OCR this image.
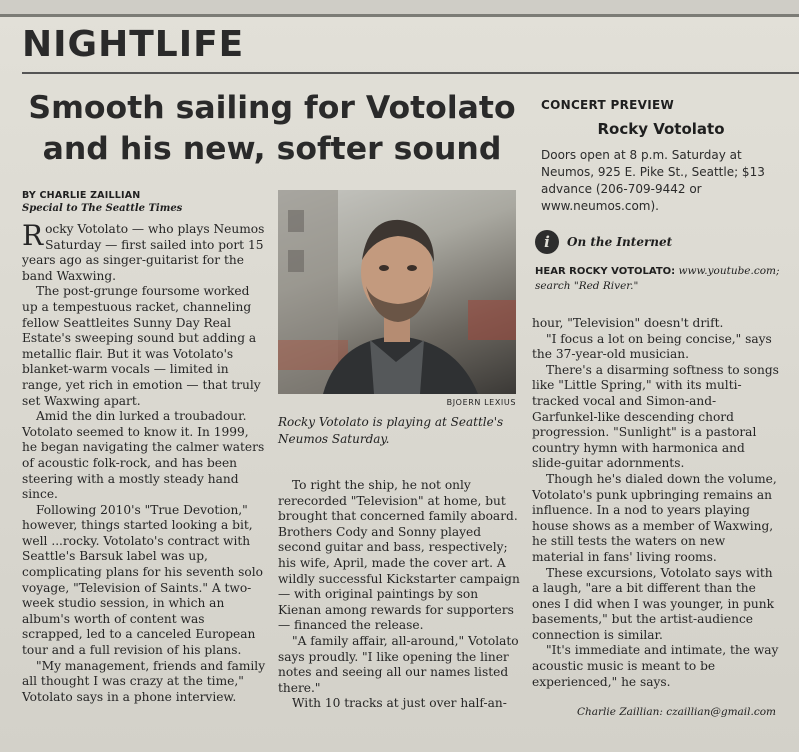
NIGHTLIFE
Smooth sailing for Votolato and his new, softer sound
CONCERT PREVIEW
Rocky Votolato
Doors open at 8 p.m. Saturday at Neumos, 925 E. Pike St., Seattle; $13 advance (206-709-9442 or www.neumos.com).
i	On the Internet
HEAR ROCKY VOTOLATO: www.youtube.com; search "Red River."
BY CHARLIE ZAILLIAN
Special to The Seattle Times

Rocky Votolato — who plays Neumos Saturday — first sailed into port 15 years ago as singer-guitarist for the band Waxwing.

The post-grunge foursome worked up a tempestuous racket, channeling fellow Seattleites Sunny Day Real Estate's sweeping sound but adding a metallic flair. But it was Votolato's blanket-warm vocals — limited in range, yet rich in emotion — that truly set Waxwing apart.

Amid the din lurked a troubadour. Votolato seemed to know it. In 1999, he began navigating the calmer waters of acoustic folk-rock, and has been steering with a mostly steady hand since.

Following 2010's "True Devotion," however, things started looking a bit, well ...rocky. Votolato's contract with Seattle's Barsuk label was up, complicating plans for his seventh solo voyage, "Television of Saints." A two-week studio session, in which an album's worth of content was scrapped, led to a canceled European tour and a full revision of his plans.

"My management, friends and family all thought I was crazy at the time," Votolato says in a phone interview.

BJOERN LEXIUS
Rocky Votolato is playing at Seattle's Neumos Saturday.

To right the ship, he not only rerecorded "Television" at home, but brought that concerned family aboard. Brothers Cody and Sonny played second guitar and bass, respectively; his wife, April, made the cover art. A wildly successful Kickstarter campaign — with original paintings by son Kienan among rewards for supporters — financed the release.

"A family affair, all-around," Votolato says proudly. "I like opening the liner notes and seeing all our names listed there."

With 10 tracks at just over half-an-

hour, "Television" doesn't drift.

"I focus a lot on being concise," says the 37-year-old musician.

There's a disarming softness to songs like "Little Spring," with its multi-tracked vocal and Simon-and-Garfunkel-like descending chord progression. "Sunlight" is a pastoral country hymn with harmonica and slide-guitar adornments.

Though he's dialed down the volume, Votolato's punk upbringing remains an influence. In a nod to years playing house shows as a member of Waxwing, he still tests the waters on new material in fans' living rooms.

These excursions, Votolato says with a laugh, "are a bit different than the ones I did when I was younger, in punk basements," but the artist-audience connection is similar.

"It's immediate and intimate, the way acoustic music is meant to be experienced," he says.

Charlie Zaillian: czaillian@gmail.com
